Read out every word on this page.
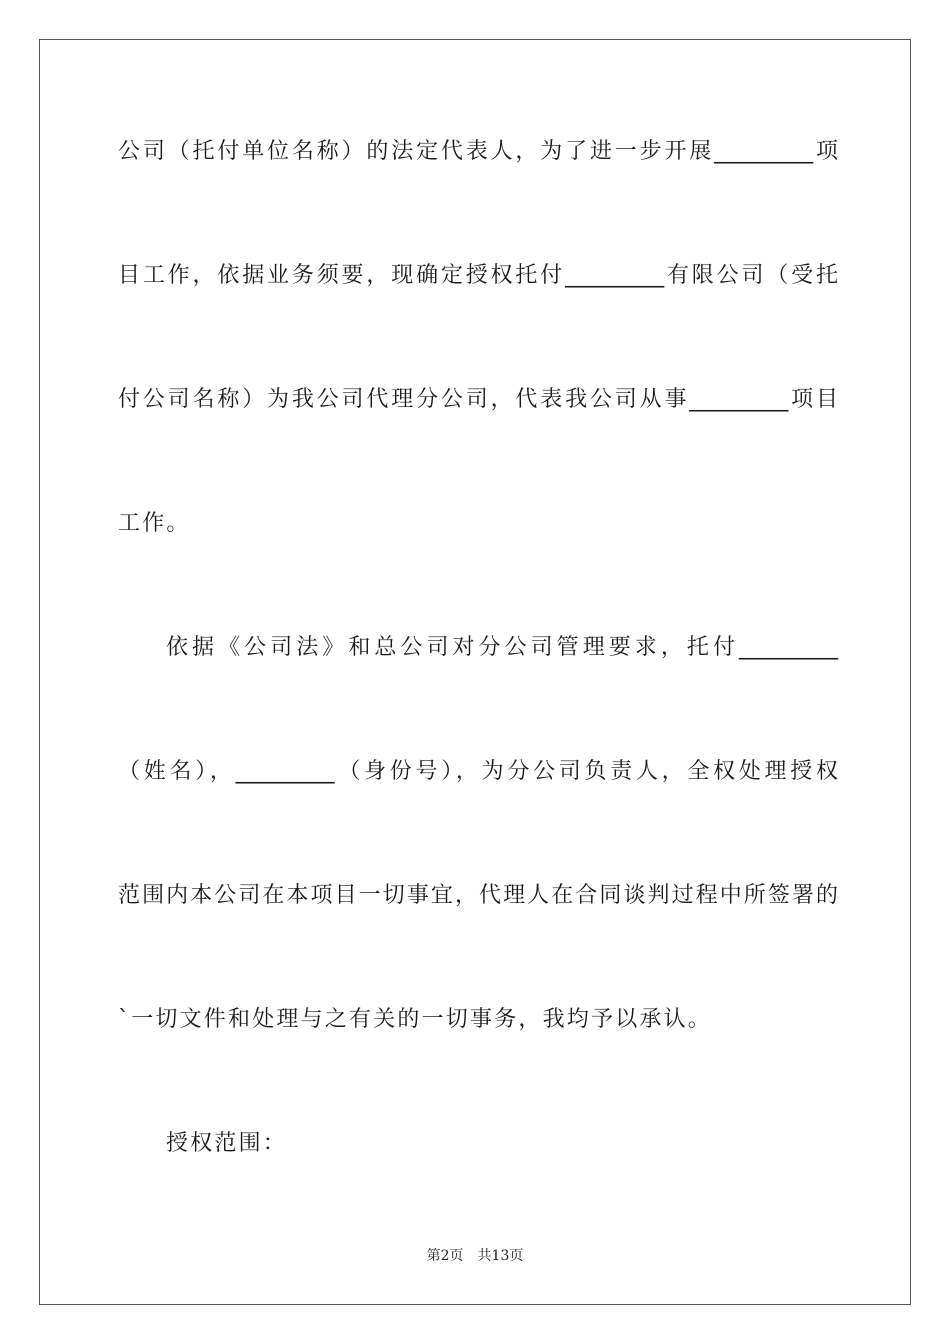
公司（托付单位名称）的法定代表人，为了进一步开展_________项
目工作，依据业务须要，现确定授权托付_________有限公司（受托
付公司名称）为我公司代理分公司，代表我公司从事_________项目
工作。
依据《公司法》和总公司对分公司管理要求，托付_________
（姓名），_________（身份号），为分公司负责人，全权处理授权
范围内本公司在本项目一切事宜，代理人在合同谈判过程中所签署的
`一切文件和处理与之有关的一切事务，我均予以承认。
授权范围：
第2页　共13页
